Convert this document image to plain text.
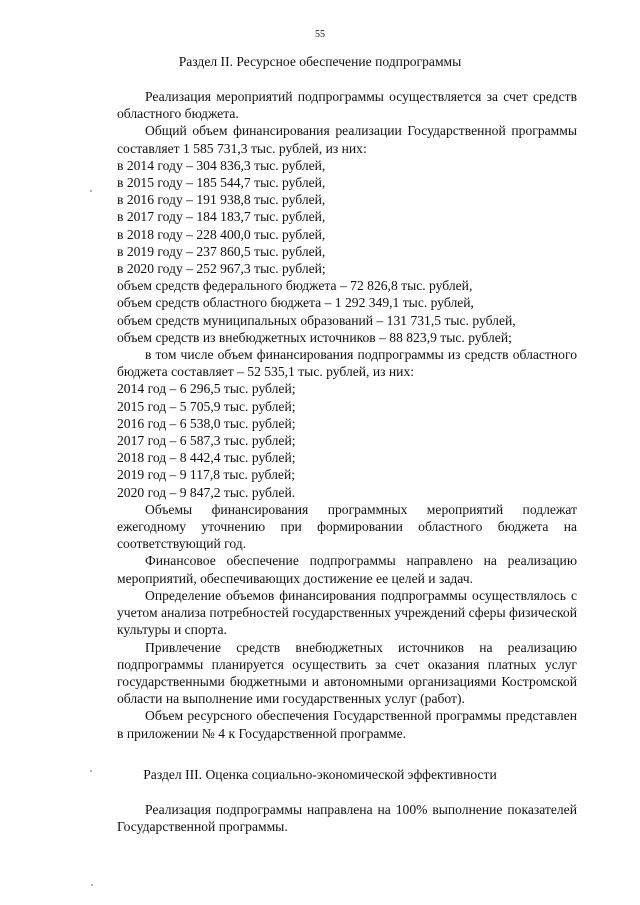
55
Раздел II. Ресурсное обеспечение подпрограммы

Реализация мероприятий подпрограммы осуществляется за счет средств областного бюджета.

Общий объем финансирования реализации Государственной программы составляет 1 585 731,3 тыс. рублей, из них:

в 2014 году – 304 836,3 тыс. рублей,

в 2015 году – 185 544,7 тыс. рублей,

в 2016 году – 191 938,8 тыс. рублей,

в 2017 году – 184 183,7 тыс. рублей,

в 2018 году – 228 400,0 тыс. рублей,

в 2019 году – 237 860,5 тыс. рублей,

в 2020 году – 252 967,3 тыс. рублей;

объем средств федерального бюджета – 72 826,8 тыс. рублей,

объем средств областного бюджета – 1 292 349,1 тыс. рублей,

объем средств муниципальных образований – 131 731,5 тыс. рублей,

объем средств из внебюджетных источников – 88 823,9 тыс. рублей;

в том числе объем финансирования подпрограммы из средств областного бюджета составляет – 52 535,1 тыс. рублей, из них:

2014 год – 6 296,5 тыс. рублей;

2015 год – 5 705,9 тыс. рублей;

2016 год – 6 538,0 тыс. рублей;

2017 год – 6 587,3 тыс. рублей;

2018 год – 8 442,4 тыс. рублей;

2019 год – 9 117,8 тыс. рублей;

2020 год – 9 847,2 тыс. рублей.

Объемы финансирования программных мероприятий подлежат ежегодному уточнению при формировании областного бюджета на соответствующий год.

Финансовое обеспечение подпрограммы направлено на реализацию мероприятий, обеспечивающих достижение ее целей и задач.

Определение объемов финансирования подпрограммы осуществлялось с учетом анализа потребностей государственных учреждений сферы физической культуры и спорта.

Привлечение средств внебюджетных источников на реализацию подпрограммы планируется осуществить за счет оказания платных услуг государственными бюджетными и автономными организациями Костромской области на выполнение ими государственных услуг (работ).

Объем ресурсного обеспечения Государственной программы представлен в приложении № 4 к Государственной программе.

Раздел III. Оценка социально-экономической эффективности

Реализация подпрограммы направлена на 100% выполнение показателей Государственной программы.
